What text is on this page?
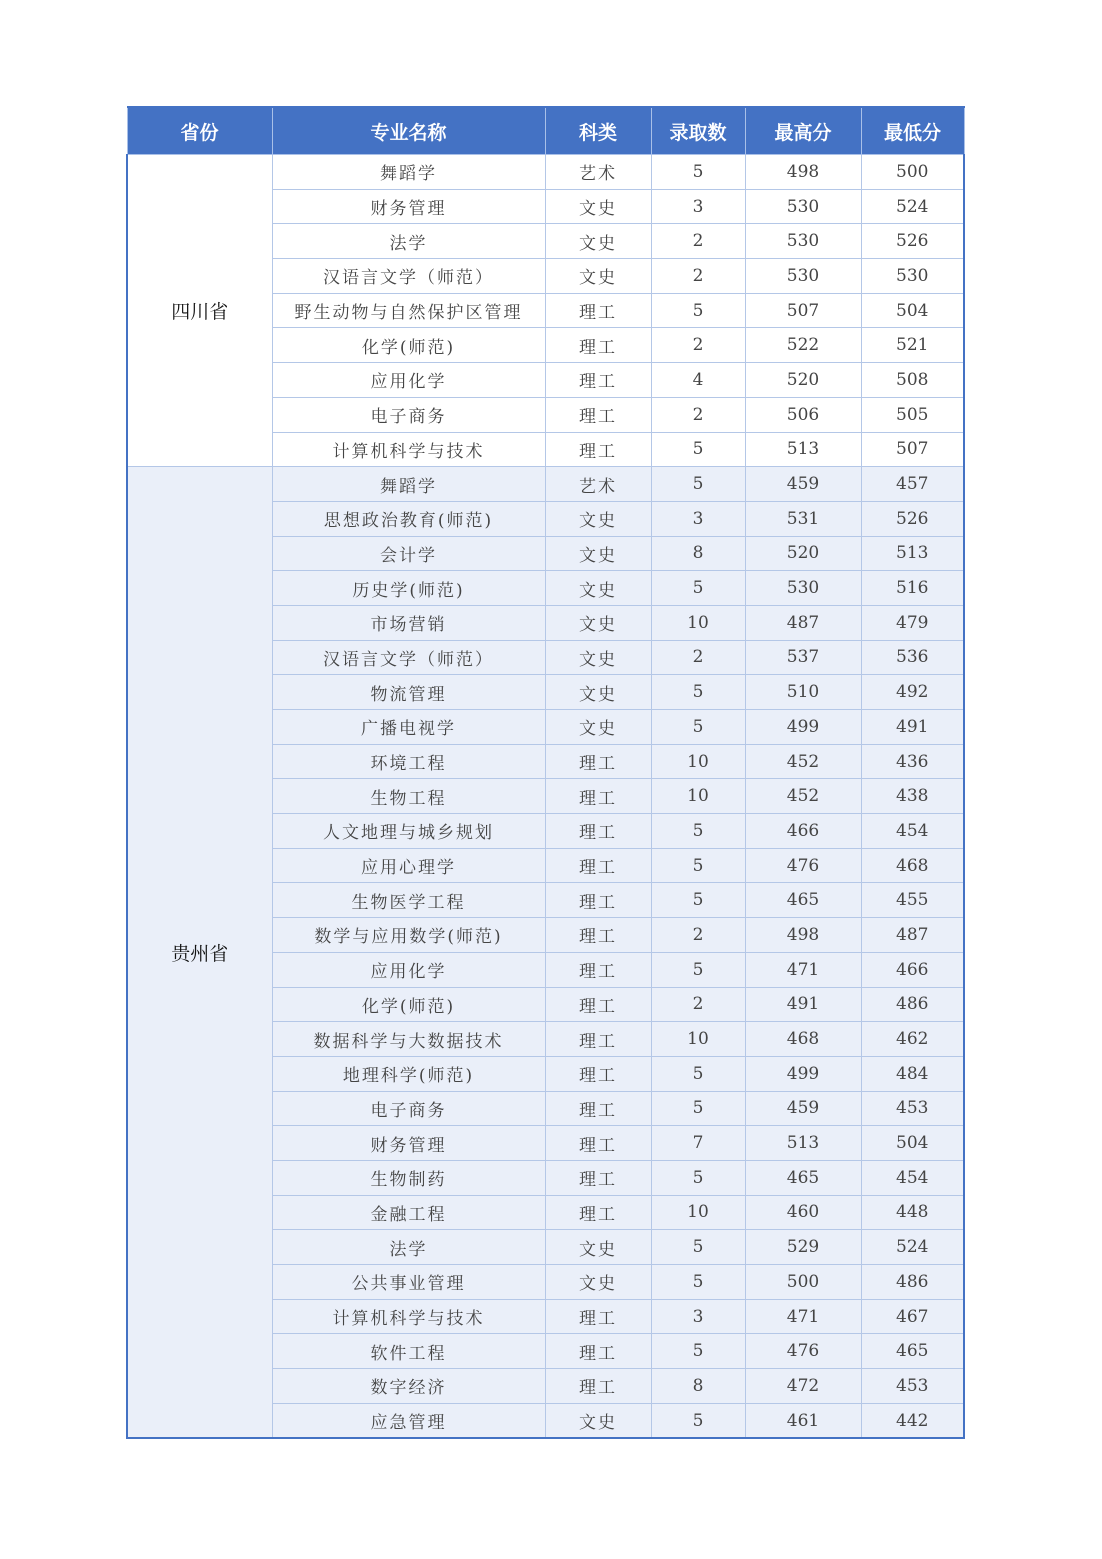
省份	专业名称	科类	录取数	最高分	最低分
四川省	舞蹈学	艺术	5	498	500
	财务管理	文史	3	530	524
	法学	文史	2	530	526
	汉语言文学（师范）	文史	2	530	530
	野生动物与自然保护区管理	理工	5	507	504
	化学(师范)	理工	2	522	521
	应用化学	理工	4	520	508
	电子商务	理工	2	506	505
	计算机科学与技术	理工	5	513	507
贵州省	舞蹈学	艺术	5	459	457
	思想政治教育(师范)	文史	3	531	526
	会计学	文史	8	520	513
	历史学(师范)	文史	5	530	516
	市场营销	文史	10	487	479
	汉语言文学（师范）	文史	2	537	536
	物流管理	文史	5	510	492
	广播电视学	文史	5	499	491
	环境工程	理工	10	452	436
	生物工程	理工	10	452	438
	人文地理与城乡规划	理工	5	466	454
	应用心理学	理工	5	476	468
	生物医学工程	理工	5	465	455
	数学与应用数学(师范)	理工	2	498	487
	应用化学	理工	5	471	466
	化学(师范)	理工	2	491	486
	数据科学与大数据技术	理工	10	468	462
	地理科学(师范)	理工	5	499	484
	电子商务	理工	5	459	453
	财务管理	理工	7	513	504
	生物制药	理工	5	465	454
	金融工程	理工	10	460	448
	法学	文史	5	529	524
	公共事业管理	文史	5	500	486
	计算机科学与技术	理工	3	471	467
	软件工程	理工	5	476	465
	数字经济	理工	8	472	453
	应急管理	文史	5	461	442
